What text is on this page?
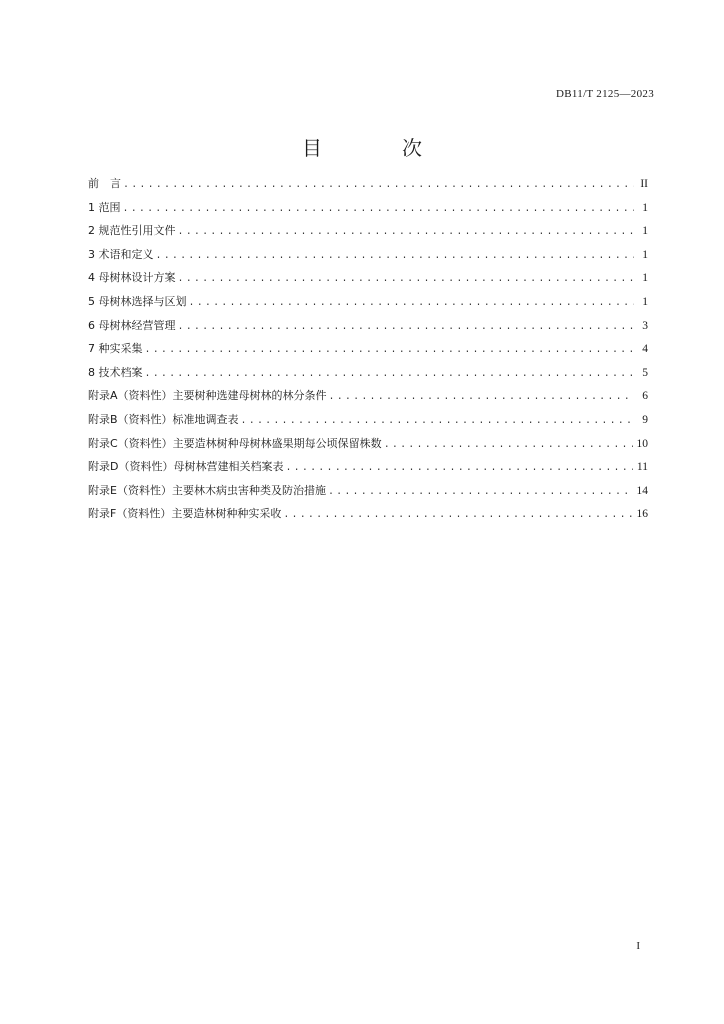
DB11/T 2125—2023
目　次
前　言 .....	II
1 范围 .....	1
2 规范性引用文件 .....	1
3 术语和定义 .....	1
4 母树林设计方案 .....	1
5 母树林选择与区划 .....	1
6 母树林经营管理 .....	3
7 种实采集 .....	4
8 技术档案 .....	5
附录A（资料性）主要树种选建母树林的林分条件 .....	6
附录B（资料性）标准地调查表 .....	9
附录C（资料性）主要造林树种母树林盛果期每公顷保留株数 .....	10
附录D（资料性）母树林营建相关档案表 .....	11
附录E（资料性）主要林木病虫害种类及防治措施 .....	14
附录F（资料性）主要造林树种种实采收 .....	16
I
